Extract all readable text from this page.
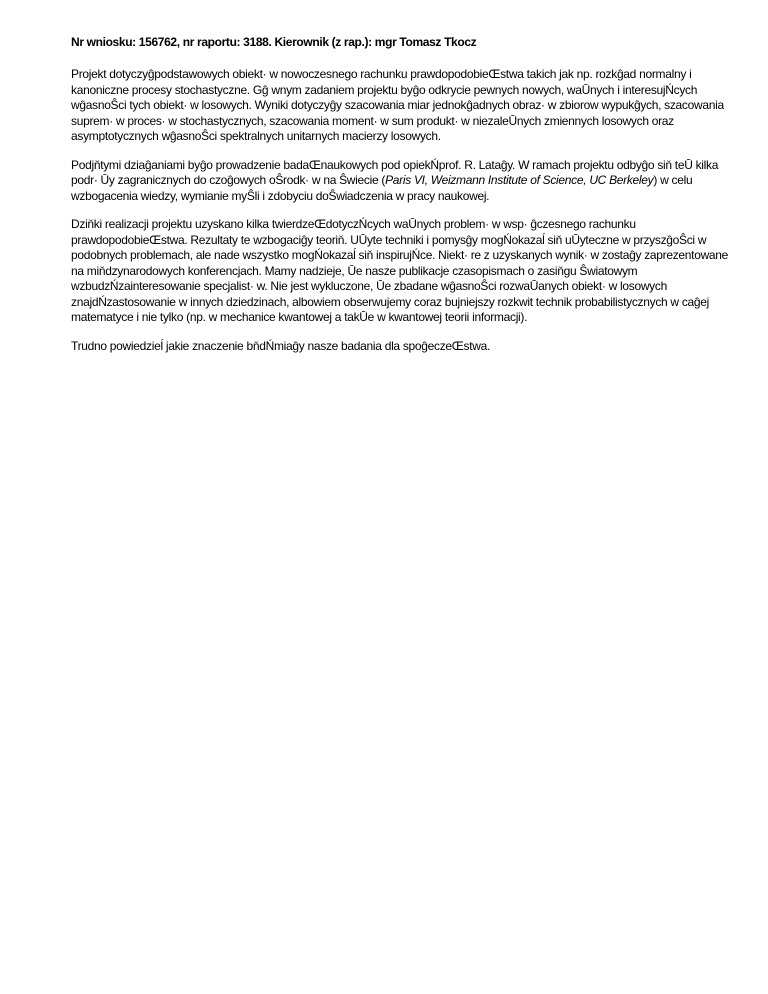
Nr wniosku: 156762, nr raportu: 3188. Kierownik (z rap.): mgr Tomasz Tkocz

Projekt dotyczyĝpodstawowych obiekt· w nowoczesnego rachunku prawdopodobieŒstwa takich jak np. rozkĝad normalny i kanoniczne procesy stochastyczne. Gĝ wnym zadaniem projektu byĝo odkrycie pewnych nowych, waŪnych i interesujŃcych wĝasnoŜci tych obiekt· w losowych. Wyniki dotyczyĝy szacowania miar jednokĝadnych obraz· w zbiorow wypukĝych, szacowania suprem· w proces· w stochastycznych, szacowania moment· w sum produkt· w niezaleŪnych zmiennych losowych oraz asymptotycznych wĝasnoŜci spektralnych unitarnych macierzy losowych.

Podjňtymi dziaĝaniami byĝo prowadzenie badaŒnaukowych pod opiekŃprof. R. Lataĝy. W ramach projektu odbyĝo siň teŪ kilka podr· Ūy zagranicznych do czoĝowych oŜrodk· w na Ŝwiecie (Paris VI, Weizmann Institute of Science, UC Berkeley) w celu wzbogacenia wiedzy, wymianie myŜli i zdobyciu doŜwiadczenia w pracy naukowej.

Dziňki realizacji projektu uzyskano kilka twierdzeŒdotyczŃcych waŪnych problem· w wsp· ĝczesnego rachunku prawdopodobieŒstwa. Rezultaty te wzbogaciĝy teoriň. UŪyte techniki i pomysĝy mogŃokazaĺ siň uŪyteczne w przyszĝoŜci w podobnych problemach, ale nade wszystko mogŃokazaĺ siň inspirujŃce. Niekt· re z uzyskanych wynik· w zostaĝy zaprezentowane na miňdzynarodowych konferencjach. Mamy nadzieje, Ūe nasze publikacje czasopismach o zasiňgu Ŝwiatowym wzbudzŃzainteresowanie specjalist· w. Nie jest wykluczone, Ūe zbadane wĝasnoŜci rozwaŪanych obiekt· w losowych znajdŃzastosowanie w innych dziedzinach, albowiem obserwujemy coraz bujniejszy rozkwit technik probabilistycznych w caĝej matematyce i nie tylko (np. w mechanice kwantowej a takŪe w kwantowej teorii informacji).

Trudno powiedzieĺ jakie znaczenie bňdŃmiaĝy nasze badania dla spoĝeczeŒstwa.
